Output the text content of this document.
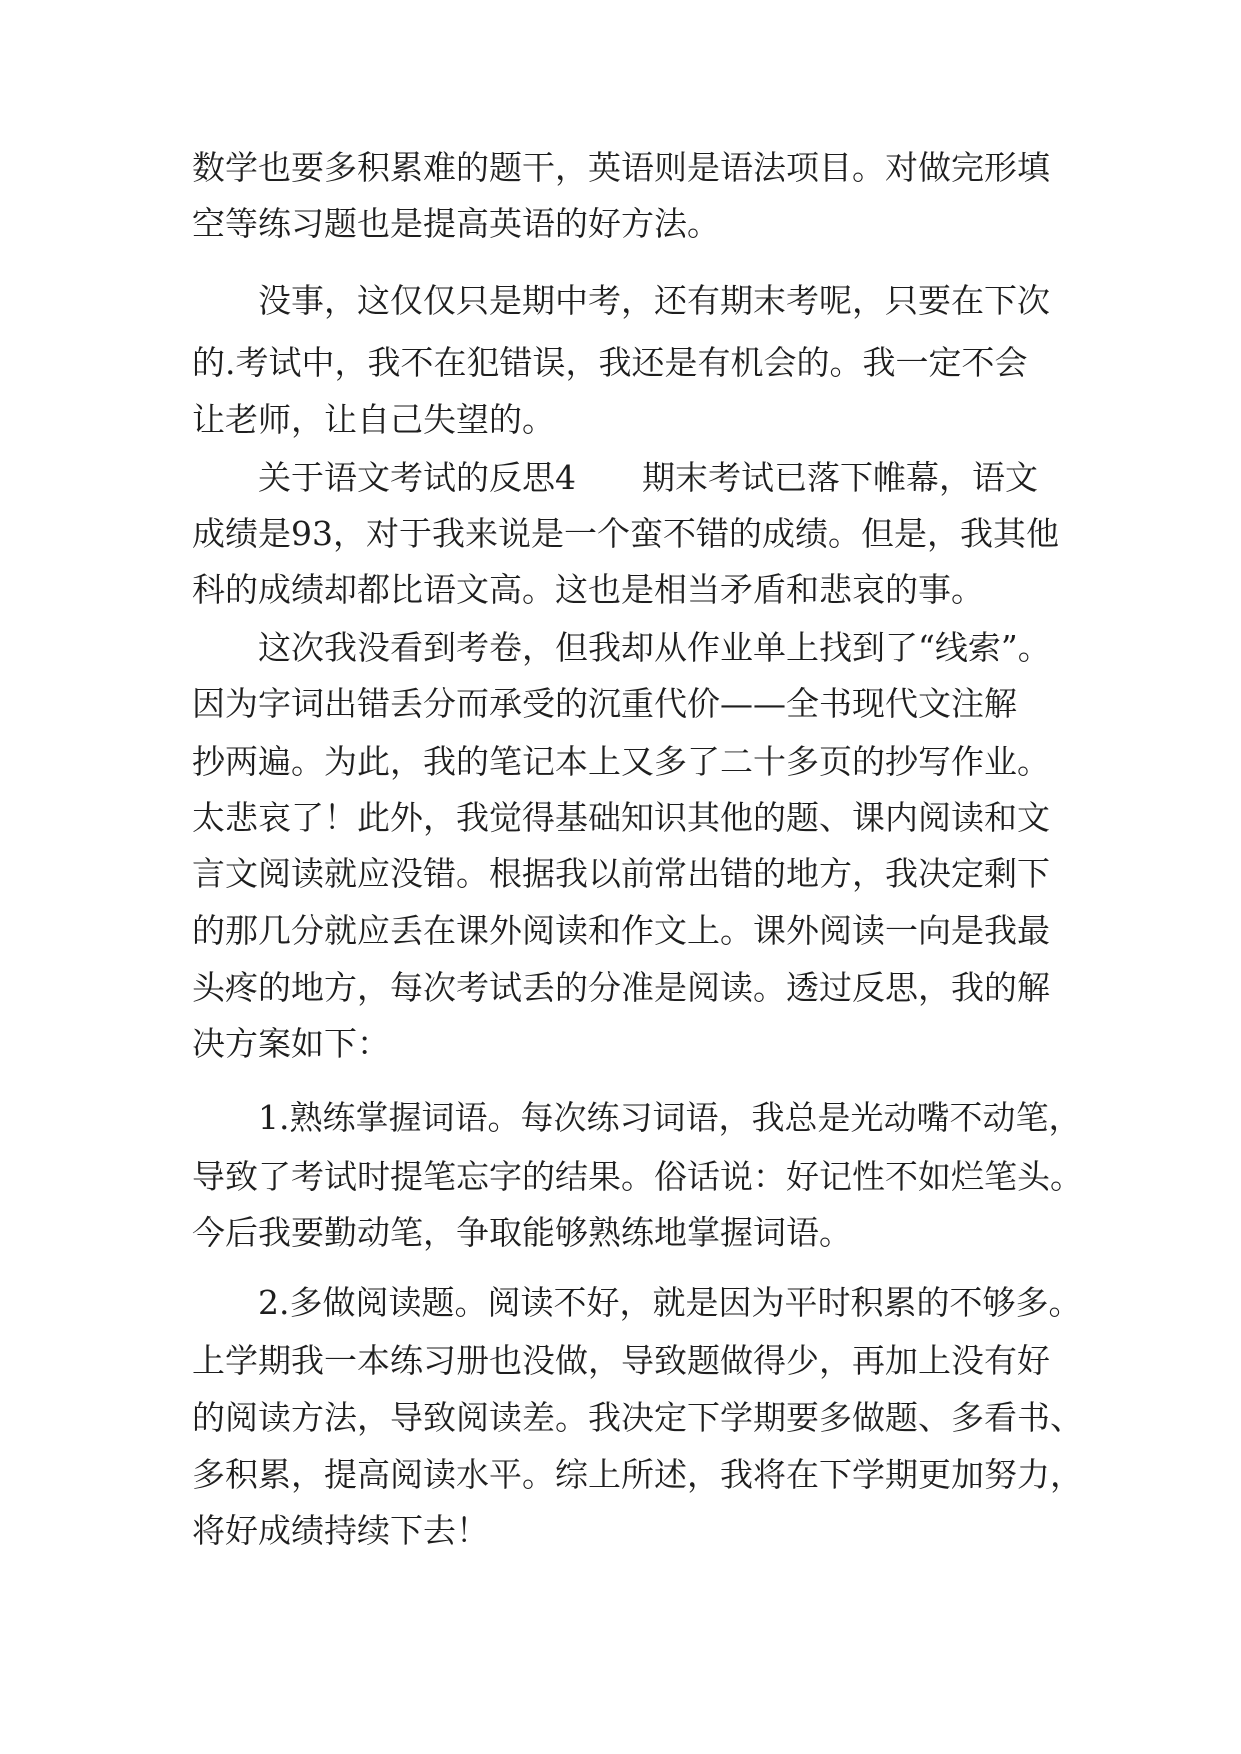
数学也要多积累难的题干，英语则是语法项目。对做完形填
空等练习题也是提高英语的好方法。
没事，这仅仅只是期中考，还有期末考呢，只要在下次
的.考试中，我不在犯错误，我还是有机会的。我一定不会
让老师，让自己失望的。
关于语文考试的反思4　　期末考试已落下帷幕，语文
成绩是93，对于我来说是一个蛮不错的成绩。但是，我其他
科的成绩却都比语文高。这也是相当矛盾和悲哀的事。
这次我没看到考卷，但我却从作业单上找到了“线索”。
因为字词出错丢分而承受的沉重代价——全书现代文注解
抄两遍。为此，我的笔记本上又多了二十多页的抄写作业。
太悲哀了！此外，我觉得基础知识其他的题、课内阅读和文
言文阅读就应没错。根据我以前常出错的地方，我决定剩下
的那几分就应丢在课外阅读和作文上。课外阅读一向是我最
头疼的地方，每次考试丢的分准是阅读。透过反思，我的解
决方案如下：
1.熟练掌握词语。每次练习词语，我总是光动嘴不动笔，
导致了考试时提笔忘字的结果。俗话说：好记性不如烂笔头。
今后我要勤动笔，争取能够熟练地掌握词语。
2.多做阅读题。阅读不好，就是因为平时积累的不够多。
上学期我一本练习册也没做，导致题做得少，再加上没有好
的阅读方法，导致阅读差。我决定下学期要多做题、多看书、
多积累，提高阅读水平。综上所述，我将在下学期更加努力，
将好成绩持续下去！
